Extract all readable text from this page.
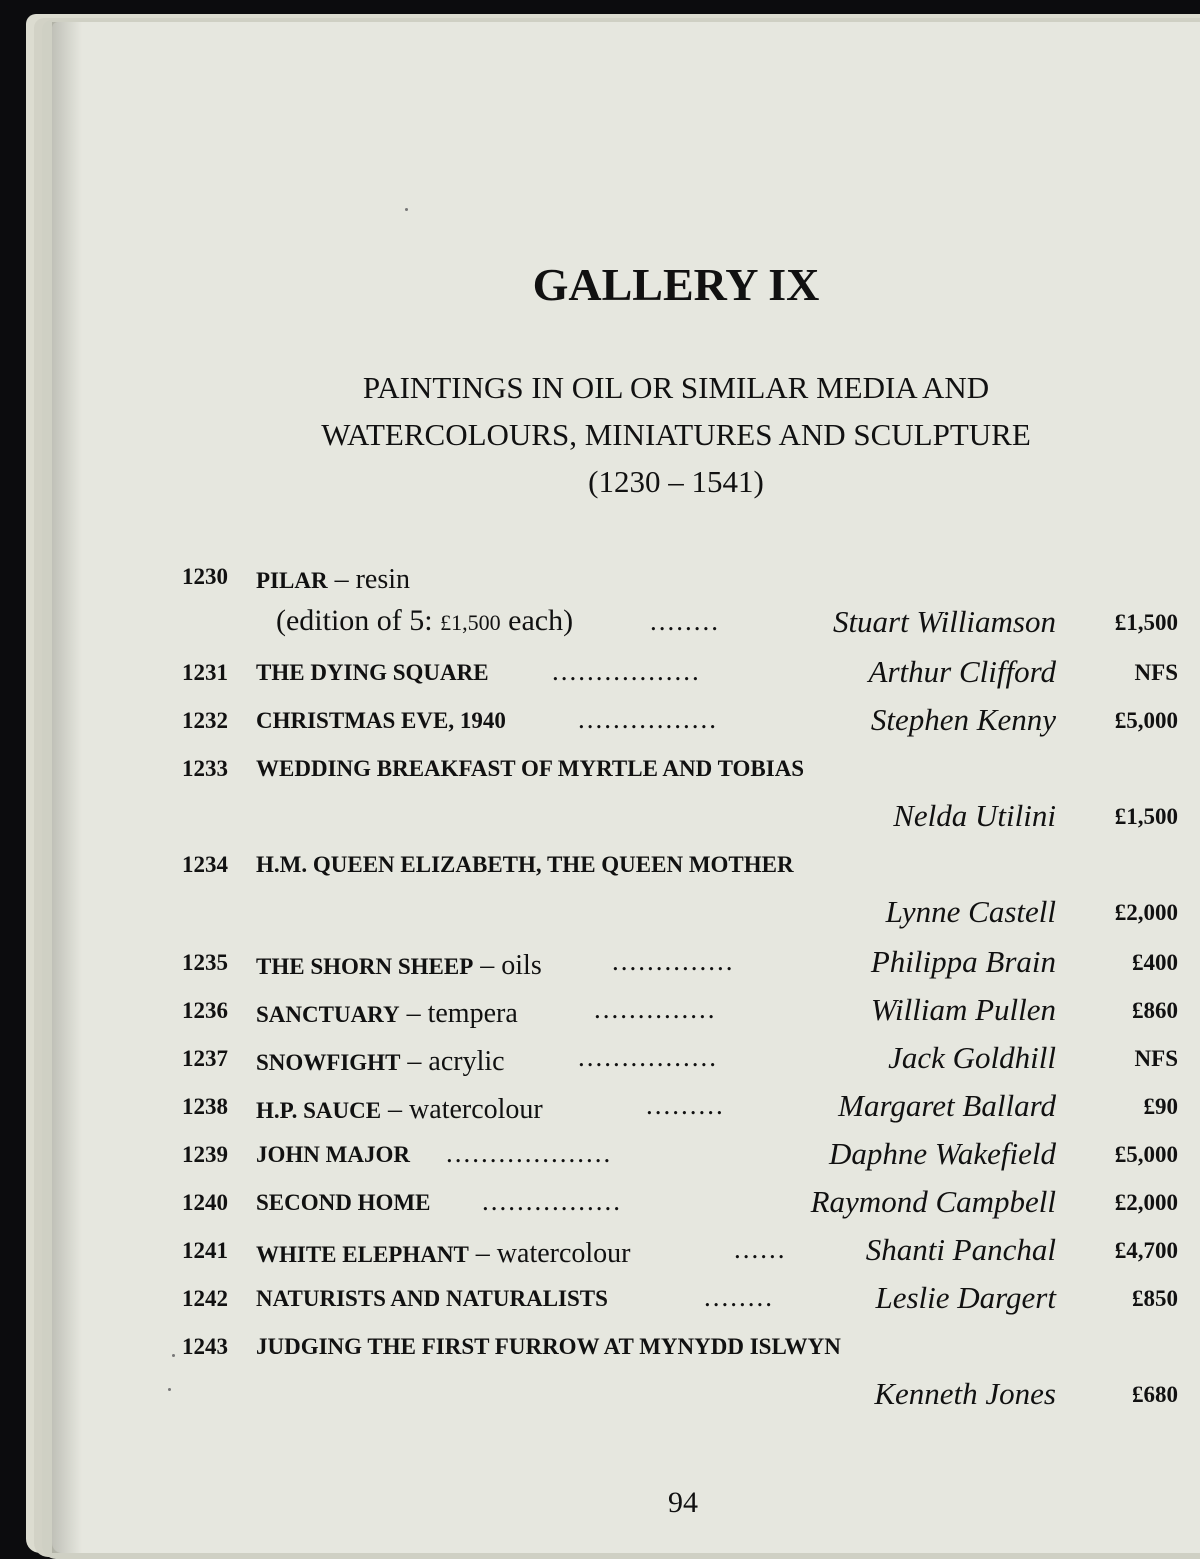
GALLERY IX
PAINTINGS IN OIL OR SIMILAR MEDIA AND
WATERCOLOURS, MINIATURES AND SCULPTURE
(1230 – 1541)
1230 PILAR – resin
(edition of 5: £1,500 each)	........	Stuart Williamson	£1,500
1231 THE DYING SQUARE .................	Arthur Clifford	NFS
1232 CHRISTMAS EVE, 1940	................	Stephen Kenny	£5,000
1233 WEDDING BREAKFAST OF MYRTLE AND TOBIAS
Nelda Utilini	£1,500
1234 H.M. QUEEN ELIZABETH, THE QUEEN MOTHER
Lynne Castell	£2,000
1235 THE SHORN SHEEP – oils	..............	Philippa Brain	£400
1236 SANCTUARY – tempera	..............	William Pullen	£860
1237 SNOWFIGHT – acrylic	................	Jack Goldhill	NFS
1238 H.P. SAUCE – watercolour	.........	Margaret Ballard	£90
1239 JOHN MAJOR ...................	Daphne Wakefield	£5,000
1240 SECOND HOME ................	Raymond Campbell	£2,000
1241 WHITE ELEPHANT – watercolour	......	Shanti Panchal	£4,700
1242 NATURISTS AND NATURALISTS	........	Leslie Dargert	£850
1243 JUDGING THE FIRST FURROW AT MYNYDD ISLWYN
Kenneth Jones	£680
94
